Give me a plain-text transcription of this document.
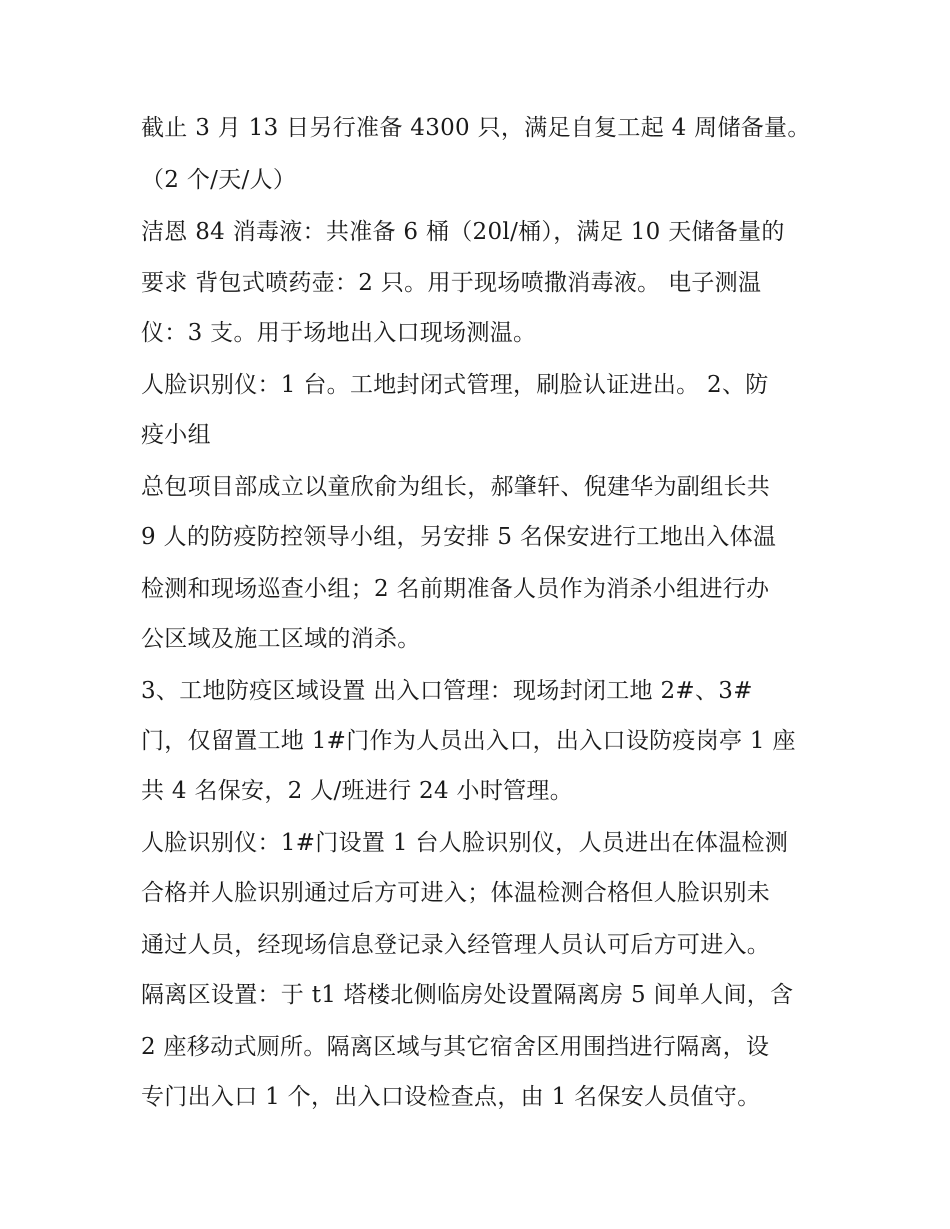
截止 3 月 13 日另行准备 4300 只，满足自复工起 4 周储备量。
（2 个/天/人）
洁恩 84 消毒液：共准备 6 桶（20l/桶），满足 10 天储备量的
要求 背包式喷药壶：2 只。用于现场喷撒消毒液。 电子测温
仪：3 支。用于场地出入口现场测温。
人脸识别仪：1 台。工地封闭式管理，刷脸认证进出。 2、防
疫小组
总包项目部成立以童欣俞为组长，郝肇轩、倪建华为副组长共
9 人的防疫防控领导小组，另安排 5 名保安进行工地出入体温
检测和现场巡查小组；2 名前期准备人员作为消杀小组进行办
公区域及施工区域的消杀。
3、工地防疫区域设置 出入口管理：现场封闭工地 2#、3#
门，仅留置工地 1#门作为人员出入口，出入口设防疫岗亭 1 座
共 4 名保安，2 人/班进行 24 小时管理。
人脸识别仪：1#门设置 1 台人脸识别仪，人员进出在体温检测
合格并人脸识别通过后方可进入；体温检测合格但人脸识别未
通过人员，经现场信息登记录入经管理人员认可后方可进入。
隔离区设置：于 t1 塔楼北侧临房处设置隔离房 5 间单人间，含
2 座移动式厕所。隔离区域与其它宿舍区用围挡进行隔离，设
专门出入口 1 个，出入口设检查点，由 1 名保安人员值守。
